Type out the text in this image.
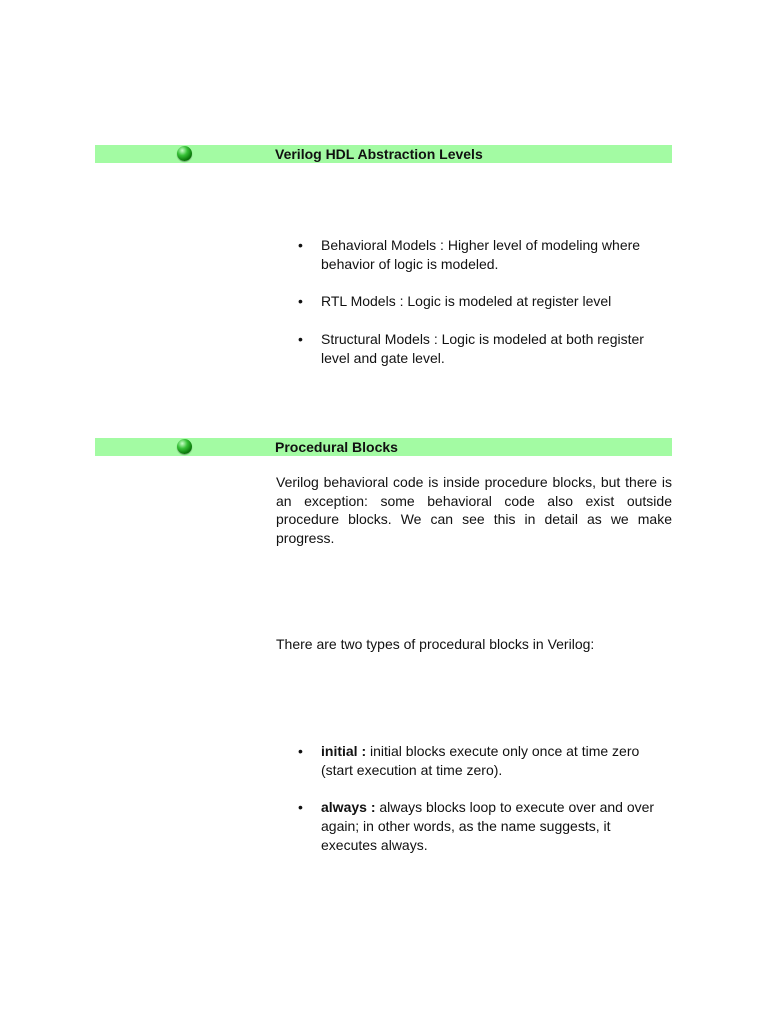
Verilog HDL Abstraction Levels
• Behavioral Models : Higher level of modeling where behavior of logic is modeled.
• RTL Models : Logic is modeled at register level
• Structural Models : Logic is modeled at both register level and gate level.
Procedural Blocks

Verilog behavioral code is inside procedure blocks, but there is an exception: some behavioral code also exist outside procedure blocks. We can see this in detail as we make progress.

There are two types of procedural blocks in Verilog:

• initial : initial blocks execute only once at time zero (start execution at time zero).
• always : always blocks loop to execute over and over again; in other words, as the name suggests, it executes always.
